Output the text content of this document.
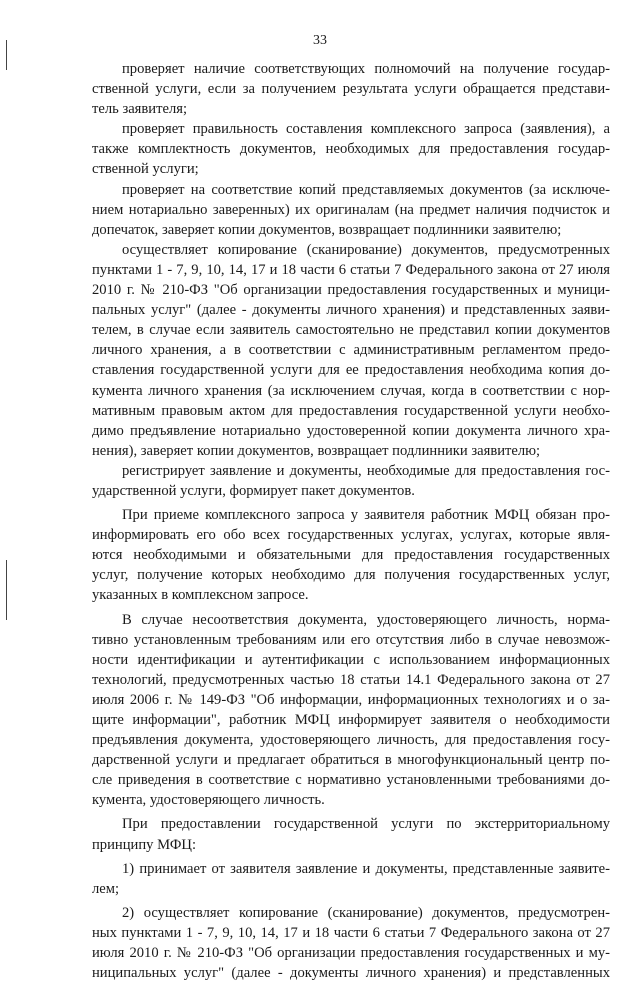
33
проверяет наличие соответствующих полномочий на получение государ-
ственной услуги, если за получением результата услуги обращается представи-
тель заявителя;
проверяет правильность составления комплексного запроса (заявления), а
также комплектность документов, необходимых для предоставления государ-
ственной услуги;
проверяет на соответствие копий представляемых документов (за исключе-
нием нотариально заверенных) их оригиналам (на предмет наличия подчисток и
допечаток, заверяет копии документов, возвращает подлинники заявителю;
осуществляет копирование (сканирование) документов, предусмотренных
пунктами 1 - 7, 9, 10, 14, 17 и 18 части 6 статьи 7 Федерального закона от 27 июля
2010 г. № 210-ФЗ "Об организации предоставления государственных и муници-
пальных услуг" (далее - документы личного хранения) и представленных заяви-
телем, в случае если заявитель самостоятельно не представил копии документов
личного хранения, а в соответствии с административным регламентом предо-
ставления государственной услуги для ее предоставления необходима копия до-
кумента личного хранения (за исключением случая, когда в соответствии с нор-
мативным правовым актом для предоставления государственной услуги необхо-
димо предъявление нотариально удостоверенной копии документа личного хра-
нения), заверяет копии документов, возвращает подлинники заявителю;
регистрирует заявление и документы, необходимые для предоставления гос-
ударственной услуги, формирует пакет документов.
При приеме комплексного запроса у заявителя работник МФЦ обязан про-
информировать его обо всех государственных услугах, услугах, которые явля-
ются необходимыми и обязательными для предоставления государственных
услуг, получение которых необходимо для получения государственных услуг,
указанных в комплексном запросе.
В случае несоответствия документа, удостоверяющего личность, норма-
тивно установленным требованиям или его отсутствия либо в случае невозмож-
ности идентификации и аутентификации с использованием информационных
технологий, предусмотренных частью 18 статьи 14.1 Федерального закона от 27
июля 2006 г. № 149-ФЗ "Об информации, информационных технологиях и о за-
щите информации", работник МФЦ информирует заявителя о необходимости
предъявления документа, удостоверяющего личность, для предоставления госу-
дарственной услуги и предлагает обратиться в многофункциональный центр по-
сле приведения в соответствие с нормативно установленными требованиями до-
кумента, удостоверяющего личность.
При предоставлении государственной услуги по экстерриториальному
принципу МФЦ:
1) принимает от заявителя заявление и документы, представленные заявите-
лем;
2) осуществляет копирование (сканирование) документов, предусмотрен-
ных пунктами 1 - 7, 9, 10, 14, 17 и 18 части 6 статьи 7 Федерального закона от 27
июля 2010 г. № 210-ФЗ "Об организации предоставления государственных и му-
ниципальных услуг" (далее - документы личного хранения) и представленных
